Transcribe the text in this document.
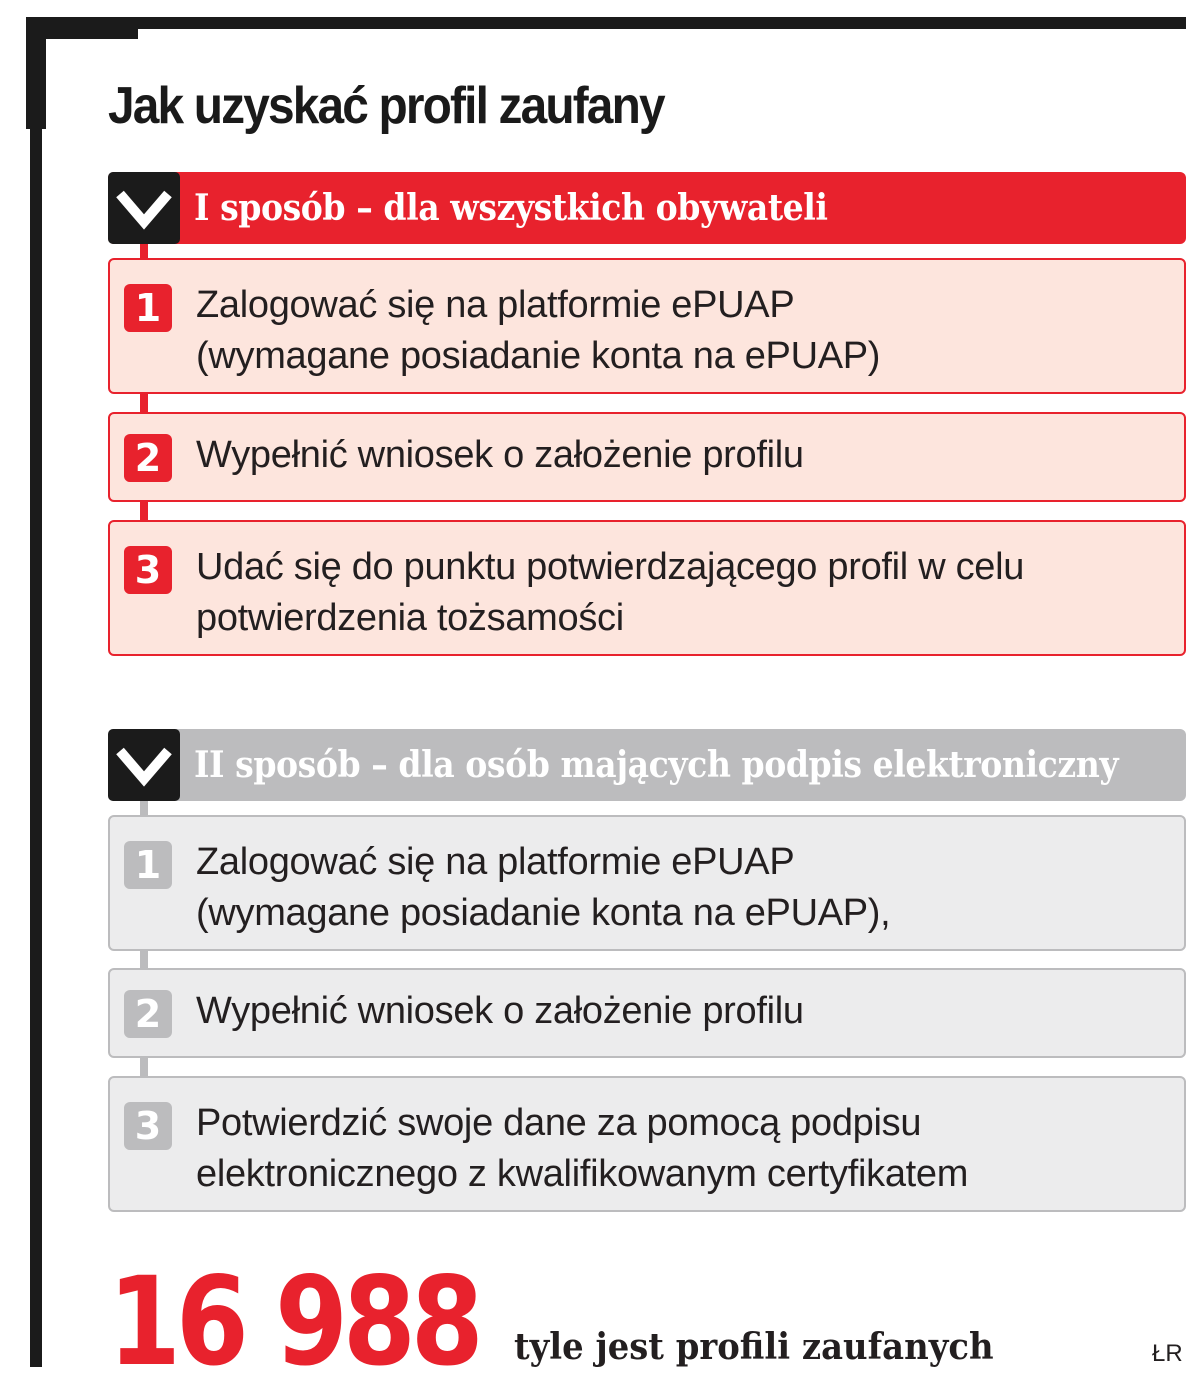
Jak uzyskać profil zaufany
I sposób – dla wszystkich obywateli
1 Zalogować się na platformie ePUAP
(wymagane posiadanie konta na ePUAP)
2 Wypełnić wniosek o założenie profilu
3 Udać się do punktu potwierdzającego profil w celu
potwierdzenia tożsamości
II sposób – dla osób mających podpis elektroniczny
1 Zalogować się na platformie ePUAP
(wymagane posiadanie konta na ePUAP),
2 Wypełnić wniosek o założenie profilu
3 Potwierdzić swoje dane za pomocą podpisu
elektronicznego z kwalifikowanym certyfikatem
16 988 tyle jest profili zaufanych	ŁR
